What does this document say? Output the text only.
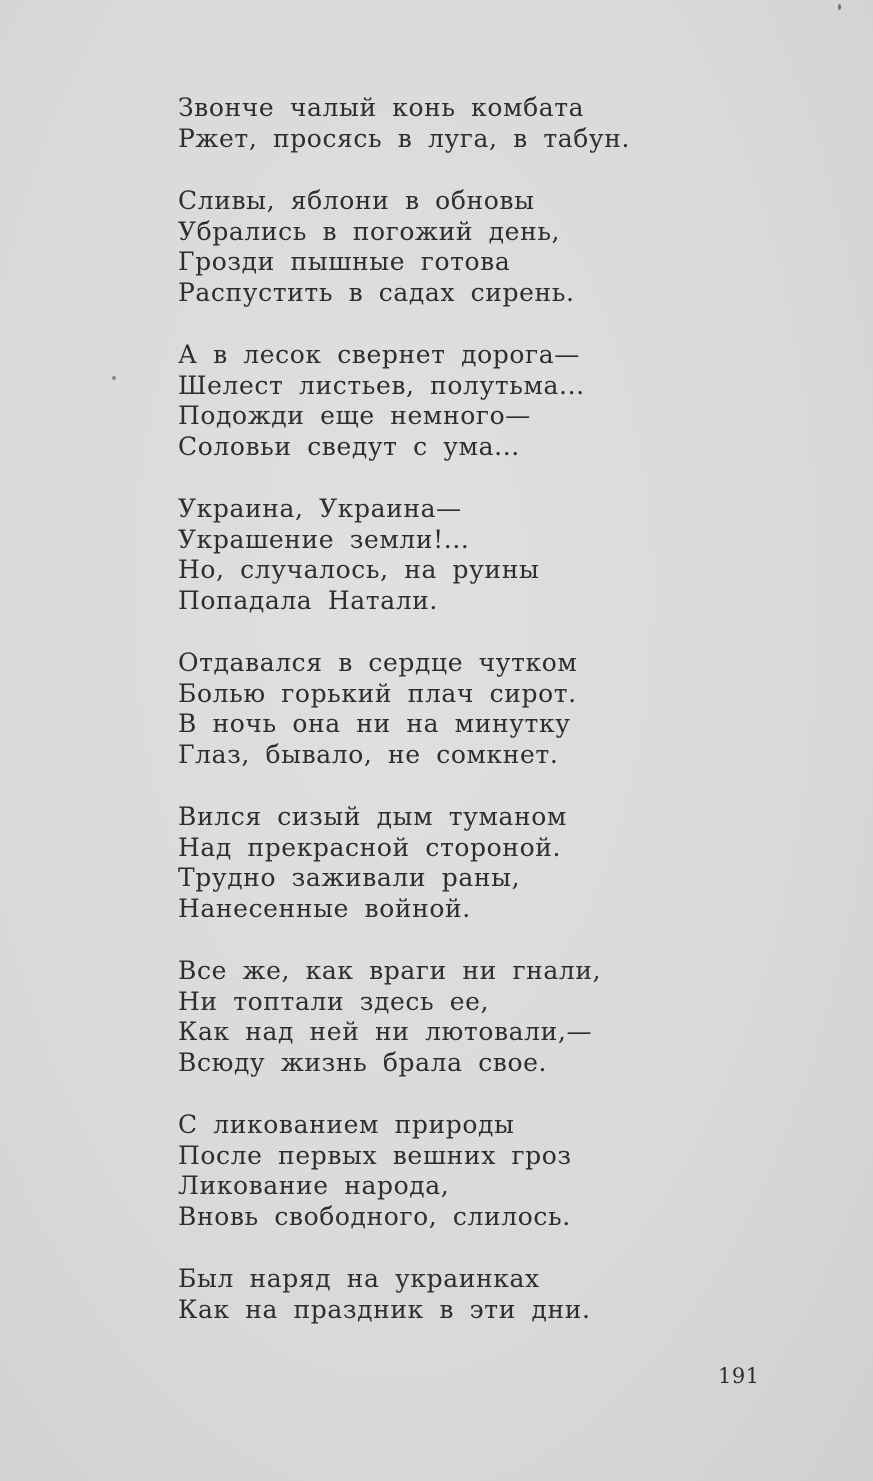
Звонче чалый конь комбата
Ржет, просясь в луга, в табун.
Сливы, яблони в обновы
Убрались в погожий день,
Грозди пышные готова
Распустить в садах сирень.
А в лесок свернет дорога—
Шелест листьев, полутьма...
Подожди еще немного—
Соловьи сведут с ума...
Украина, Украина—
Украшение земли!...
Но, случалось, на руины
Попадала Натали.
Отдавался в сердце чутком
Болью горький плач сирот.
В ночь она ни на минутку
Глаз, бывало, не сомкнет.
Вился сизый дым туманом
Над прекрасной стороной.
Трудно заживали раны,
Нанесенные войной.
Все же, как враги ни гнали,
Ни топтали здесь ее,
Как над ней ни лютовали,—
Всюду жизнь брала свое.
С ликованием природы
После первых вешних гроз
Ликование народа,
Вновь свободного, слилось.
Был наряд на украинках
Как на праздник в эти дни.
191
